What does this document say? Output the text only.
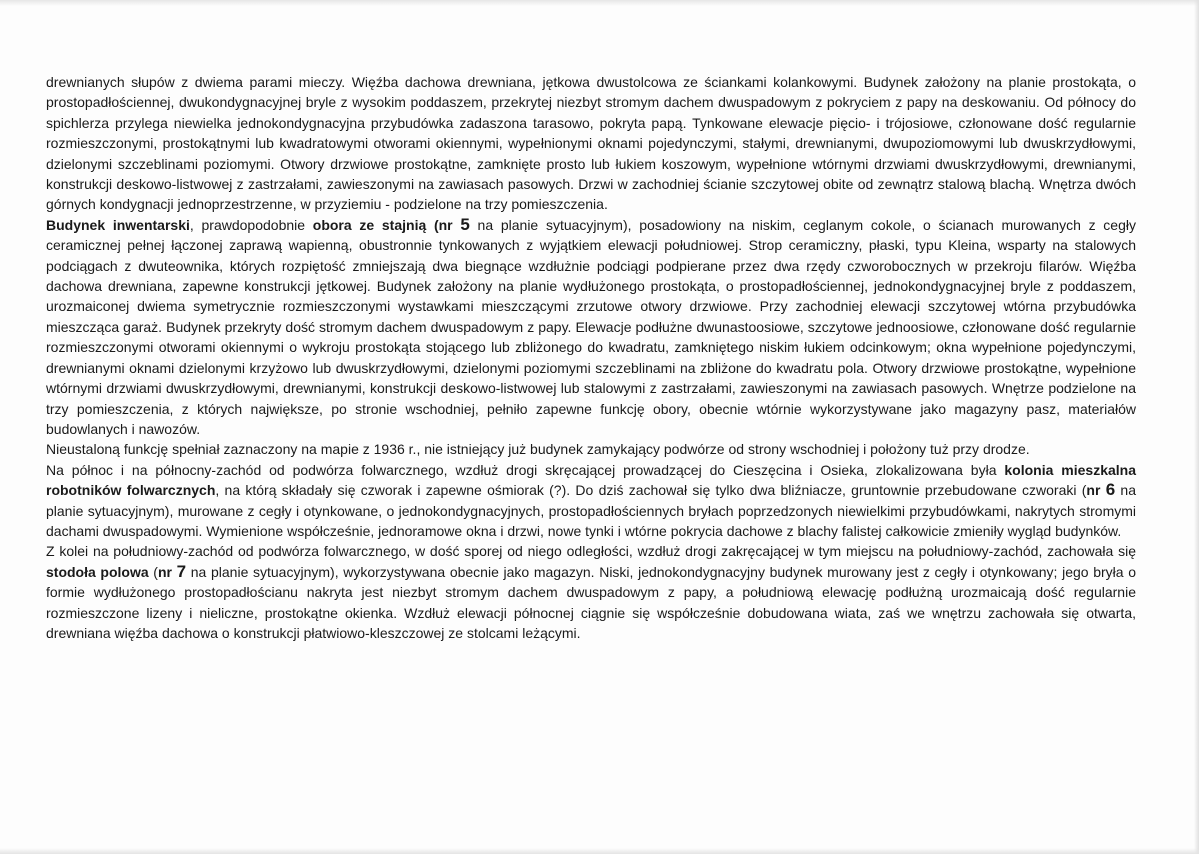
drewnianych słupów z dwiema parami mieczy. Więźba dachowa drewniana, jętkowa dwustolcowa ze ściankami kolankowymi. Budynek założony na planie prostokąta, o prostopadłościennej, dwukondygnacyjnej bryle z wysokim poddaszem, przekrytej niezbyt stromym dachem dwuspadowym z pokryciem z papy na deskowaniu. Od północy do spichlerza przylega niewielka jednokondygnacyjna przybudówka zadaszona tarasowo, pokryta papą. Tynkowane elewacje pięcio- i trójosiowe, członowane dość regularnie rozmieszczonymi, prostokątnymi lub kwadratowymi otworami okiennymi, wypełnionymi oknami pojedynczymi, stałymi, drewnianymi, dwupoziomowymi lub dwuskrzydłowymi, dzielonymi szczeblinami poziomymi. Otwory drzwiowe prostokątne, zamknięte prosto lub łukiem koszowym, wypełnione wtórnymi drzwiami dwuskrzydłowymi, drewnianymi, konstrukcji deskowo-listwowej z zastrzałami, zawieszonymi na zawiasach pasowych. Drzwi w zachodniej ścianie szczytowej obite od zewnątrz stalową blachą. Wnętrza dwóch górnych kondygnacji jednoprzestrzenne, w przyziemiu - podzielone na trzy pomieszczenia.

Budynek inwentarski, prawdopodobnie obora ze stajnią (nr 5 na planie sytuacyjnym), posadowiony na niskim, ceglanym cokole, o ścianach murowanych z cegły ceramicznej pełnej łączonej zaprawą wapienną, obustronnie tynkowanych z wyjątkiem elewacji południowej. Strop ceramiczny, płaski, typu Kleina, wsparty na stalowych podciągach z dwuteownika, których rozpiętość zmniejszają dwa biegnące wzdłużnie podciągi podpierane przez dwa rzędy czworobocznych w przekroju filarów. Więźba dachowa drewniana, zapewne konstrukcji jętkowej. Budynek założony na planie wydłużonego prostokąta, o prostopadłościennej, jednokondygnacyjnej bryle z poddaszem, urozmaiconej dwiema symetrycznie rozmieszczonymi wystawkami mieszczącymi zrzutowe otwory drzwiowe. Przy zachodniej elewacji szczytowej wtórna przybudówka mieszcząca garaż. Budynek przekryty dość stromym dachem dwuspadowym z papy. Elewacje podłużne dwunastoosiowe, szczytowe jednoosiowe, członowane dość regularnie rozmieszczonymi otworami okiennymi o wykroju prostokąta stojącego lub zbliżonego do kwadratu, zamkniętego niskim łukiem odcinkowym; okna wypełnione pojedynczymi, drewnianymi oknami dzielonymi krzyżowo lub dwuskrzydłowymi, dzielonymi poziomymi szczeblinami na zbliżone do kwadratu pola. Otwory drzwiowe prostokątne, wypełnione wtórnymi drzwiami dwuskrzydłowymi, drewnianymi, konstrukcji deskowo-listwowej lub stalowymi z zastrzałami, zawieszonymi na zawiasach pasowych. Wnętrze podzielone na trzy pomieszczenia, z których największe, po stronie wschodniej, pełniło zapewne funkcję obory, obecnie wtórnie wykorzystywane jako magazyny pasz, materiałów budowlanych i nawozów.

Nieustaloną funkcję spełniał zaznaczony na mapie z 1936 r., nie istniejący już budynek zamykający podwórze od strony wschodniej i położony tuż przy drodze.

Na północ i na północny-zachód od podwórza folwarcznego, wzdłuż drogi skręcającej prowadzącej do Cieszęcina i Osieka, zlokalizowana była kolonia mieszkalna robotników folwarcznych, na którą składały się czworak i zapewne ośmiorak (?). Do dziś zachował się tylko dwa bliźniacze, gruntownie przebudowane czworaki (nr 6 na planie sytuacyjnym), murowane z cegły i otynkowane, o jednokondygnacyjnych, prostopadłościennych bryłach poprzedzonych niewielkimi przybudówkami, nakrytych stromymi dachami dwuspadowymi. Wymienione współcześnie, jednoramowe okna i drzwi, nowe tynki i wtórne pokrycia dachowe z blachy falistej całkowicie zmieniły wygląd budynków.

Z kolei na południowy-zachód od podwórza folwarcznego, w dość sporej od niego odległości, wzdłuż drogi zakręcającej w tym miejscu na południowy-zachód, zachowała się stodoła polowa (nr 7 na planie sytuacyjnym), wykorzystywana obecnie jako magazyn. Niski, jednokondygnacyjny budynek murowany jest z cegły i otynkowany; jego bryła o formie wydłużonego prostopadłościanu nakryta jest niezbyt stromym dachem dwuspadowym z papy, a południową elewację podłużną urozmaicają dość regularnie rozmieszczone lizeny i nieliczne, prostokątne okienka. Wzdłuż elewacji północnej ciągnie się współcześnie dobudowana wiata, zaś we wnętrzu zachowała się otwarta, drewniana więźba dachowa o konstrukcji płatwiowo-kleszczowej ze stolcami leżącymi.
